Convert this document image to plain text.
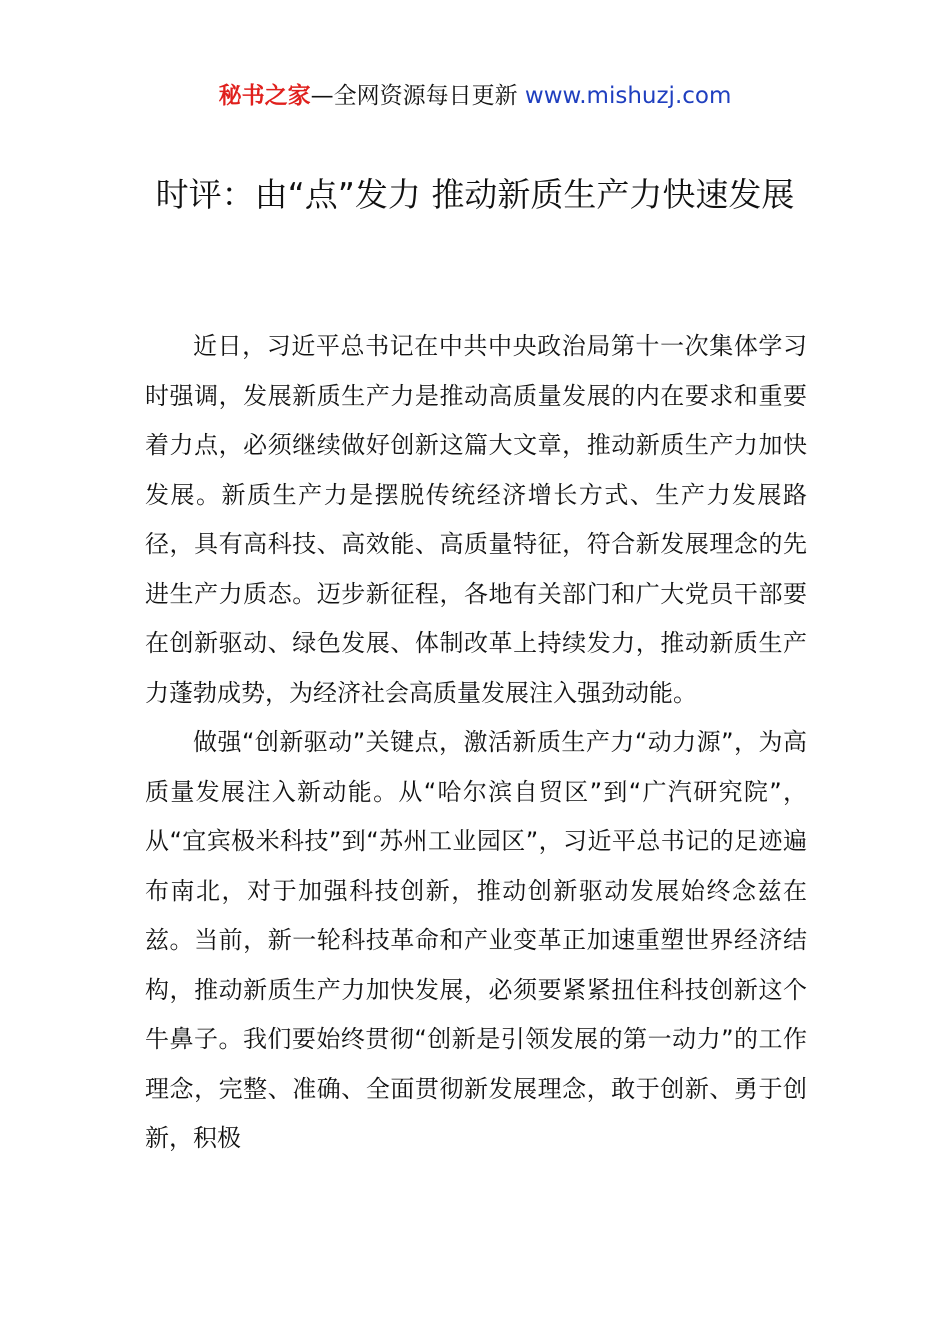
秘书之家—全网资源每日更新 www.mishuzj.com
时评：由“点”发力 推动新质生产力快速发展

近日，习近平总书记在中共中央政治局第十一次集体学习时强调，发展新质生产力是推动高质量发展的内在要求和重要着力点，必须继续做好创新这篇大文章，推动新质生产力加快发展。新质生产力是摆脱传统经济增长方式、生产力发展路径，具有高科技、高效能、高质量特征，符合新发展理念的先进生产力质态。迈步新征程，各地有关部门和广大党员干部要在创新驱动、绿色发展、体制改革上持续发力，推动新质生产力蓬勃成势，为经济社会高质量发展注入强劲动能。

做强“创新驱动”关键点，激活新质生产力“动力源”，为高质量发展注入新动能。从“哈尔滨自贸区”到“广汽研究院”，从“宜宾极米科技”到“苏州工业园区”，习近平总书记的足迹遍布南北，对于加强科技创新，推动创新驱动发展始终念兹在兹。当前，新一轮科技革命和产业变革正加速重塑世界经济结构，推动新质生产力加快发展，必须要紧紧扭住科技创新这个牛鼻子。我们要始终贯彻“创新是引领发展的第一动力”的工作理念，完整、准确、全面贯彻新发展理念，敢于创新、勇于创新，积极
